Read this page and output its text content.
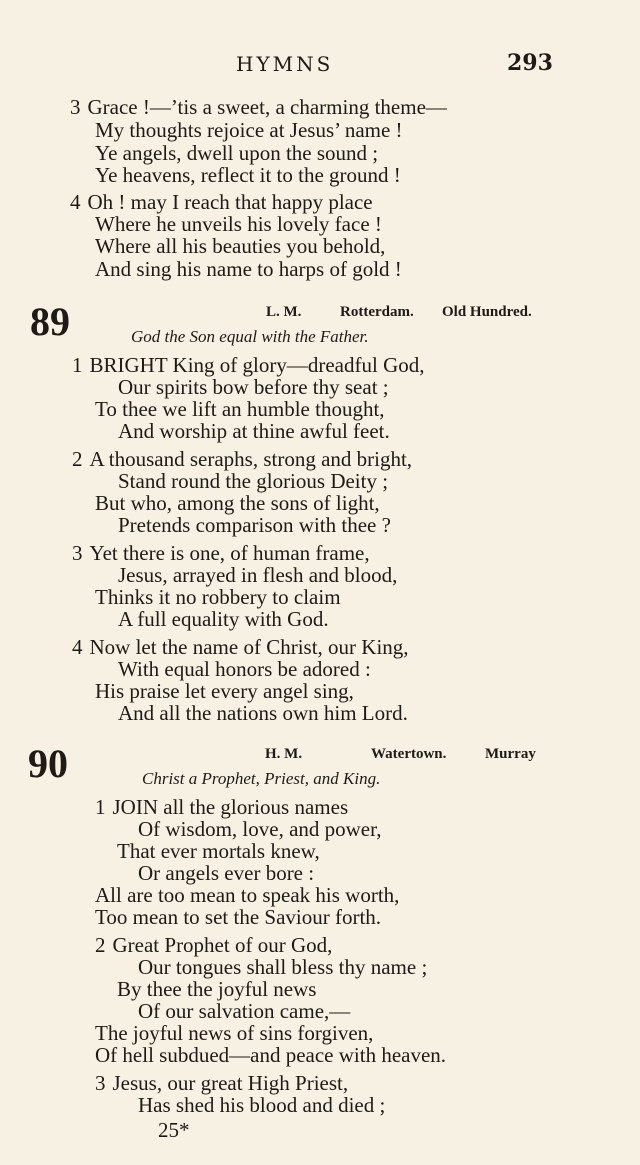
HYMNS	293
3 Grace !—’tis a sweet, a charming theme—
My thoughts rejoice at Jesus’ name !
Ye angels, dwell upon the sound ;
Ye heavens, reflect it to the ground !
4 Oh ! may I reach that happy place
Where he unveils his lovely face !
Where all his beauties you behold,
And sing his name to harps of gold !
89	L. M.	Rotterdam. Old Hundred.
God the Son equal with the Father.
1 BRIGHT King of glory—dreadful God,
Our spirits bow before thy seat ;
To thee we lift an humble thought,
And worship at thine awful feet.
2 A thousand seraphs, strong and bright,
Stand round the glorious Deity ;
But who, among the sons of light,
Pretends comparison with thee ?
3 Yet there is one, of human frame,
Jesus, arrayed in flesh and blood,
Thinks it no robbery to claim
A full equality with God.
4 Now let the name of Christ, our King,
With equal honors be adored :
His praise let every angel sing,
And all the nations own him Lord.
90	H. M.	Watertown.	Murray
Christ a Prophet, Priest, and King.
1 JOIN all the glorious names
Of wisdom, love, and power,
That ever mortals knew,
Or angels ever bore :
All are too mean to speak his worth,
Too mean to set the Saviour forth.
2 Great Prophet of our God,
Our tongues shall bless thy name ;
By thee the joyful news
Of our salvation came,—
The joyful news of sins forgiven,
Of hell subdued—and peace with heaven.
3 Jesus, our great High Priest,
Has shed his blood and died ;
25*
